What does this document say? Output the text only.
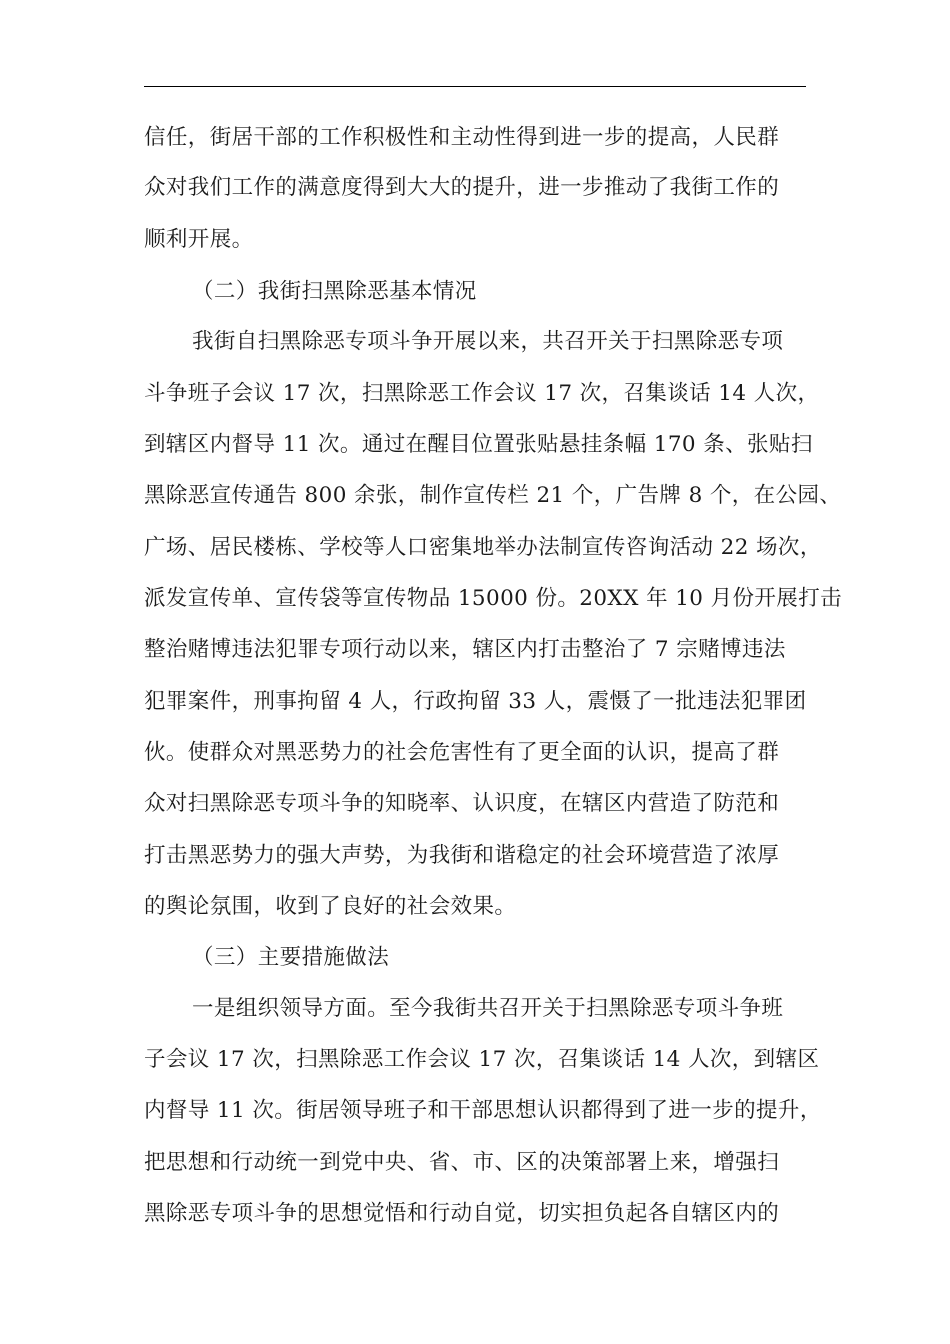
信任，街居干部的工作积极性和主动性得到进一步的提高，人民群
众对我们工作的满意度得到大大的提升，进一步推动了我街工作的
顺利开展。
（二）我街扫黑除恶基本情况
我街自扫黑除恶专项斗争开展以来，共召开关于扫黑除恶专项
斗争班子会议 17 次，扫黑除恶工作会议 17 次，召集谈话 14 人次，
到辖区内督导 11 次。通过在醒目位置张贴悬挂条幅 170 条、张贴扫
黑除恶宣传通告 800 余张，制作宣传栏 21 个，广告牌 8 个，在公园、
广场、居民楼栋、学校等人口密集地举办法制宣传咨询活动 22 场次，
派发宣传单、宣传袋等宣传物品 15000 份。20XX 年 10 月份开展打击
整治赌博违法犯罪专项行动以来，辖区内打击整治了 7 宗赌博违法
犯罪案件，刑事拘留 4 人，行政拘留 33 人，震慑了一批违法犯罪团
伙。使群众对黑恶势力的社会危害性有了更全面的认识，提高了群
众对扫黑除恶专项斗争的知晓率、认识度，在辖区内营造了防范和
打击黑恶势力的强大声势，为我街和谐稳定的社会环境营造了浓厚
的舆论氛围，收到了良好的社会效果。
（三）主要措施做法
一是组织领导方面。至今我街共召开关于扫黑除恶专项斗争班
子会议 17 次，扫黑除恶工作会议 17 次，召集谈话 14 人次，到辖区
内督导 11 次。街居领导班子和干部思想认识都得到了进一步的提升，
把思想和行动统一到党中央、省、市、区的决策部署上来，增强扫
黑除恶专项斗争的思想觉悟和行动自觉，切实担负起各自辖区内的
